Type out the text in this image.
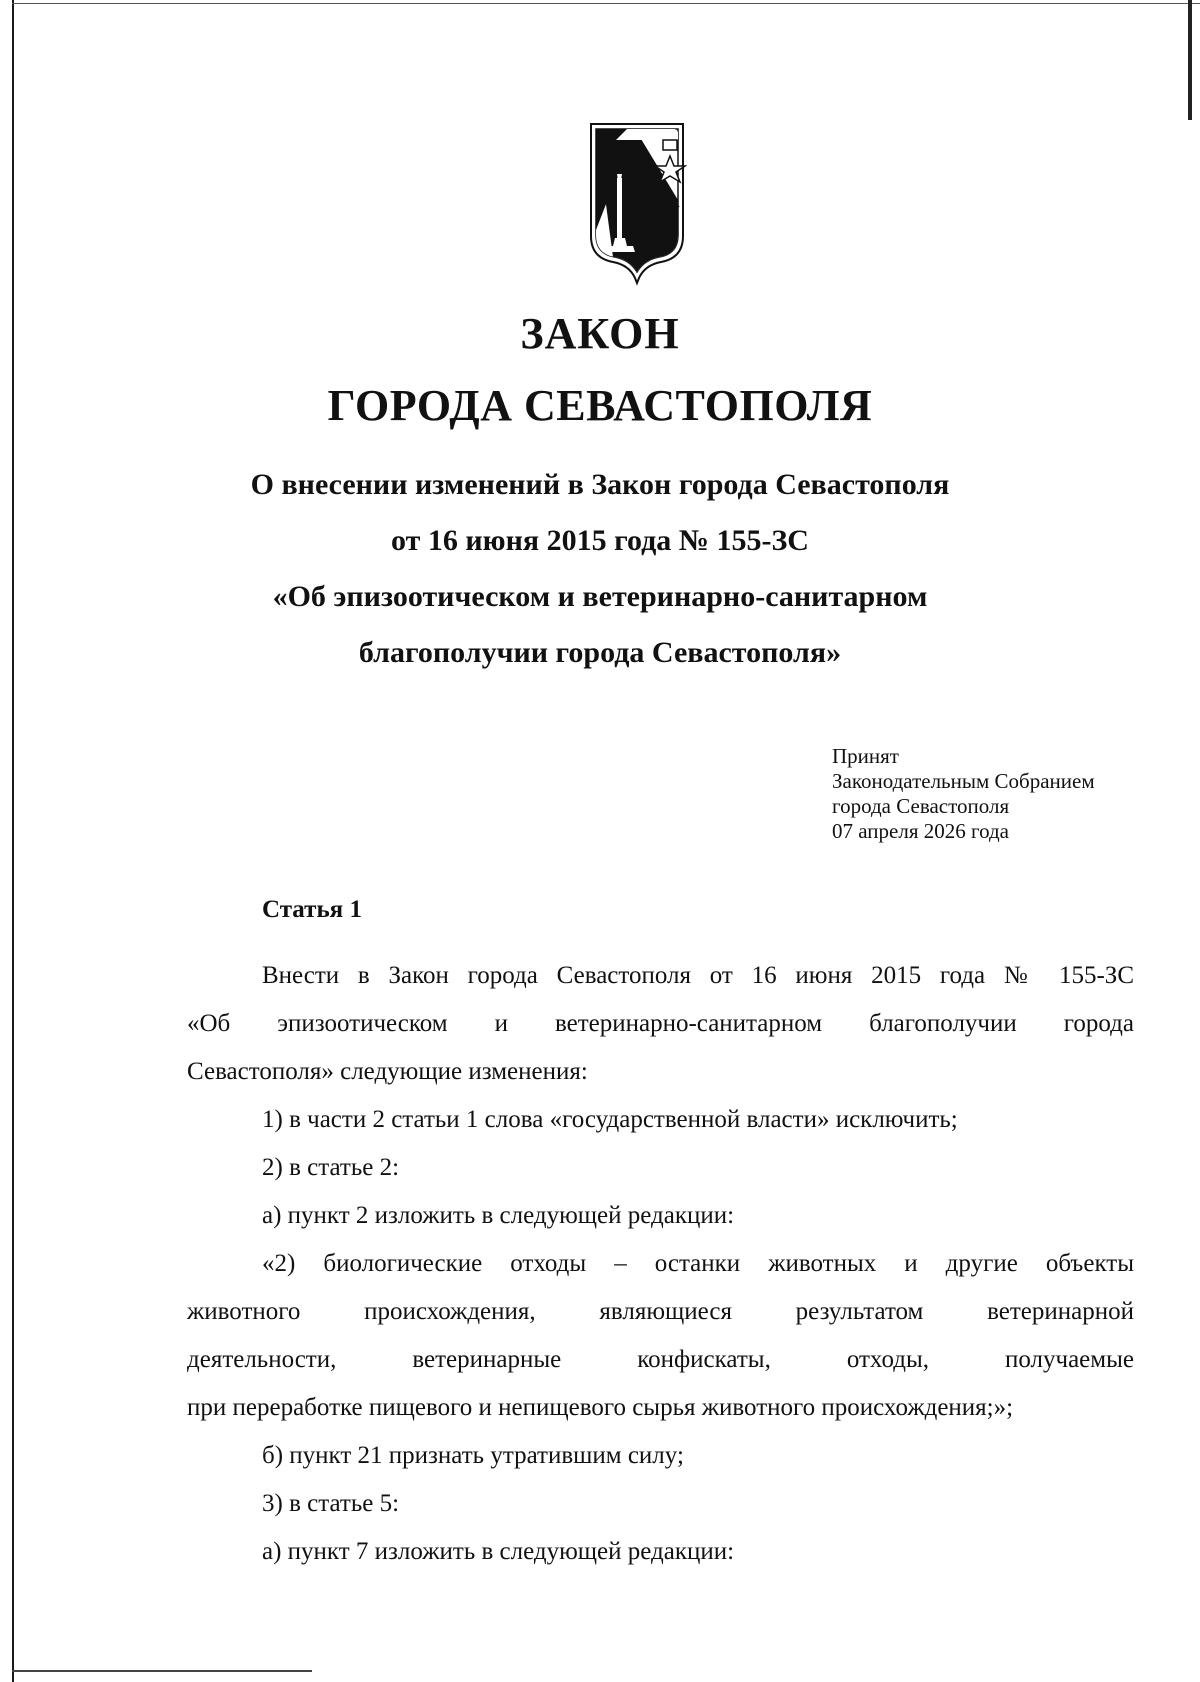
ЗАКОН
ГОРОДА СЕВАСТОПОЛЯ
О внесении изменений в Закон города Севастополя
от 16 июня 2015 года № 155-ЗС
«Об эпизоотическом и ветеринарно-санитарном
благополучии города Севастополя»
Принят
Законодательным Собранием
города Севастополя
07 апреля 2026 года
Статья 1
Внести в Закон города Севастополя от 16 июня 2015 года № 155-ЗС
«Об эпизоотическом и ветеринарно-санитарном благополучии города
Севастополя» следующие изменения:
1) в части 2 статьи 1 слова «государственной власти» исключить;
2) в статье 2:
а) пункт 2 изложить в следующей редакции:
«2) биологические отходы – останки животных и другие объекты
животного происхождения, являющиеся результатом ветеринарной
деятельности, ветеринарные конфискаты, отходы, получаемые
при переработке пищевого и непищевого сырья животного происхождения;»;
б) пункт 21 признать утратившим силу;
3) в статье 5:
а) пункт 7 изложить в следующей редакции:
